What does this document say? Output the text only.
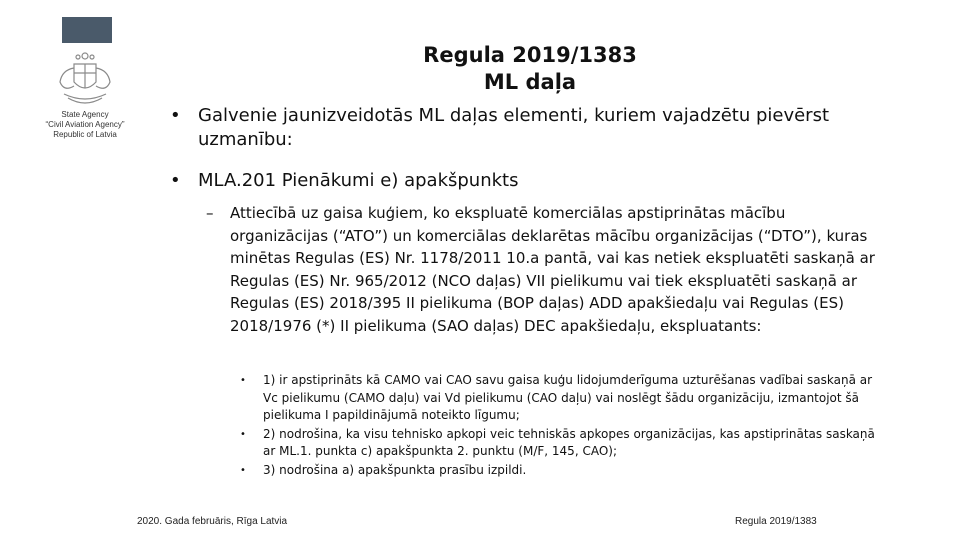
State Agency
“Civil Aviation Agency”
Republic of Latvia
Regula 2019/1383
ML daļa
• Galvenie jaunizveidotās ML daļas elementi, kuriem vajadzētu pievērst uzmanību:
• MLA.201 Pienākumi e) apakšpunkts
–	Attiecībā uz gaisa kuģiem, ko ekspluatē komerciālas apstiprinātas mācību organizācijas (“ATO”) un komerciālas deklarētas mācību organizācijas (“DTO”), kuras minētas Regulas (ES) Nr. 1178/2011 10.a pantā, vai kas netiek ekspluatēti saskaņā ar Regulas (ES) Nr. 965/2012 (NCO daļas) VII pielikumu vai tiek ekspluatēti saskaņā ar Regulas (ES) 2018/395 II pielikuma (BOP daļas) ADD apakšiedaļu vai Regulas (ES) 2018/1976 (*) II pielikuma (SAO daļas) DEC apakšiedaļu, ekspluatants:
•	1) ir apstiprināts kā CAMO vai CAO savu gaisa kuģu lidojumderīguma uzturēšanas vadībai saskaņā ar Vc pielikumu (CAMO daļu) vai Vd pielikumu (CAO daļu) vai noslēgt šādu organizāciju, izmantojot šā pielikuma I papildinājumā noteikto līgumu;
•	2) nodrošina, ka visu tehnisko apkopi veic tehniskās apkopes organizācijas, kas apstiprinātas saskaņā ar ML.1. punkta c) apakšpunkta 2. punktu (M/F, 145, CAO);
•	3) nodrošina a) apakšpunkta prasību izpildi.
2020. Gada februāris, Rīga Latvia	Regula 2019/1383
